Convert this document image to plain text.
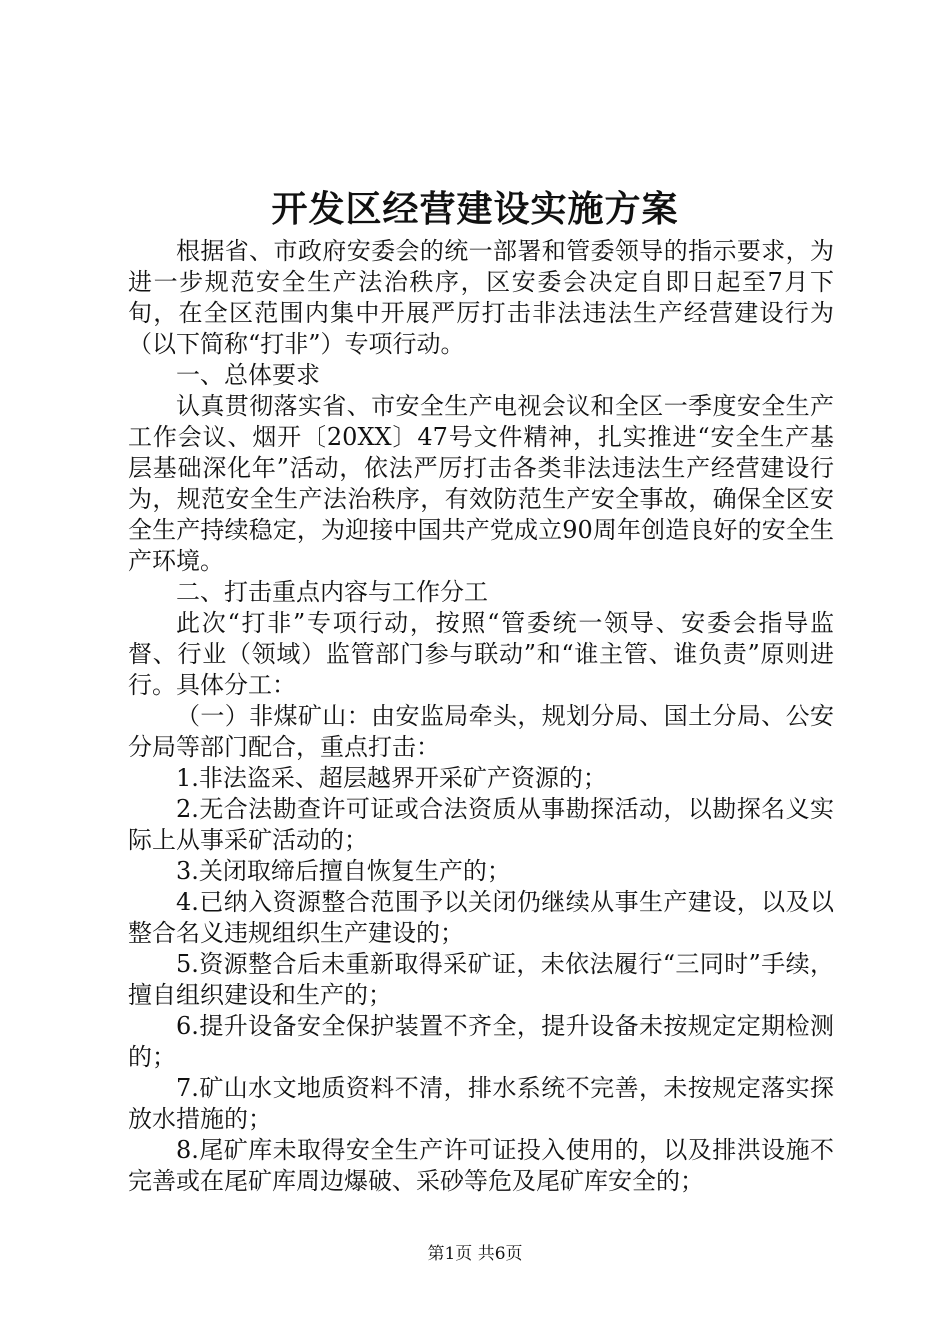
开发区经营建设实施方案

根据省、市政府安委会的统一部署和管委领导的指示要求，为进一步规范安全生产法治秩序，区安委会决定自即日起至7月下旬，在全区范围内集中开展严厉打击非法违法生产经营建设行为（以下简称“打非”）专项行动。

一、总体要求

认真贯彻落实省、市安全生产电视会议和全区一季度安全生产工作会议、烟开〔20XX〕47号文件精神，扎实推进“安全生产基层基础深化年”活动，依法严厉打击各类非法违法生产经营建设行为，规范安全生产法治秩序，有效防范生产安全事故，确保全区安全生产持续稳定，为迎接中国共产党成立90周年创造良好的安全生产环境。

二、打击重点内容与工作分工

此次“打非”专项行动，按照“管委统一领导、安委会指导监督、行业（领域）监管部门参与联动”和“谁主管、谁负责”原则进行。具体分工：

（一）非煤矿山：由安监局牵头，规划分局、国土分局、公安分局等部门配合，重点打击：

1.非法盗采、超层越界开采矿产资源的；

2.无合法勘查许可证或合法资质从事勘探活动，以勘探名义实际上从事采矿活动的；

3.关闭取缔后擅自恢复生产的；

4.已纳入资源整合范围予以关闭仍继续从事生产建设，以及以整合名义违规组织生产建设的；

5.资源整合后未重新取得采矿证，未依法履行“三同时”手续，擅自组织建设和生产的；

6.提升设备安全保护装置不齐全，提升设备未按规定定期检测的；

7.矿山水文地质资料不清，排水系统不完善，未按规定落实探放水措施的；

8.尾矿库未取得安全生产许可证投入使用的，以及排洪设施不完善或在尾矿库周边爆破、采砂等危及尾矿库安全的；

第1页 共6页
